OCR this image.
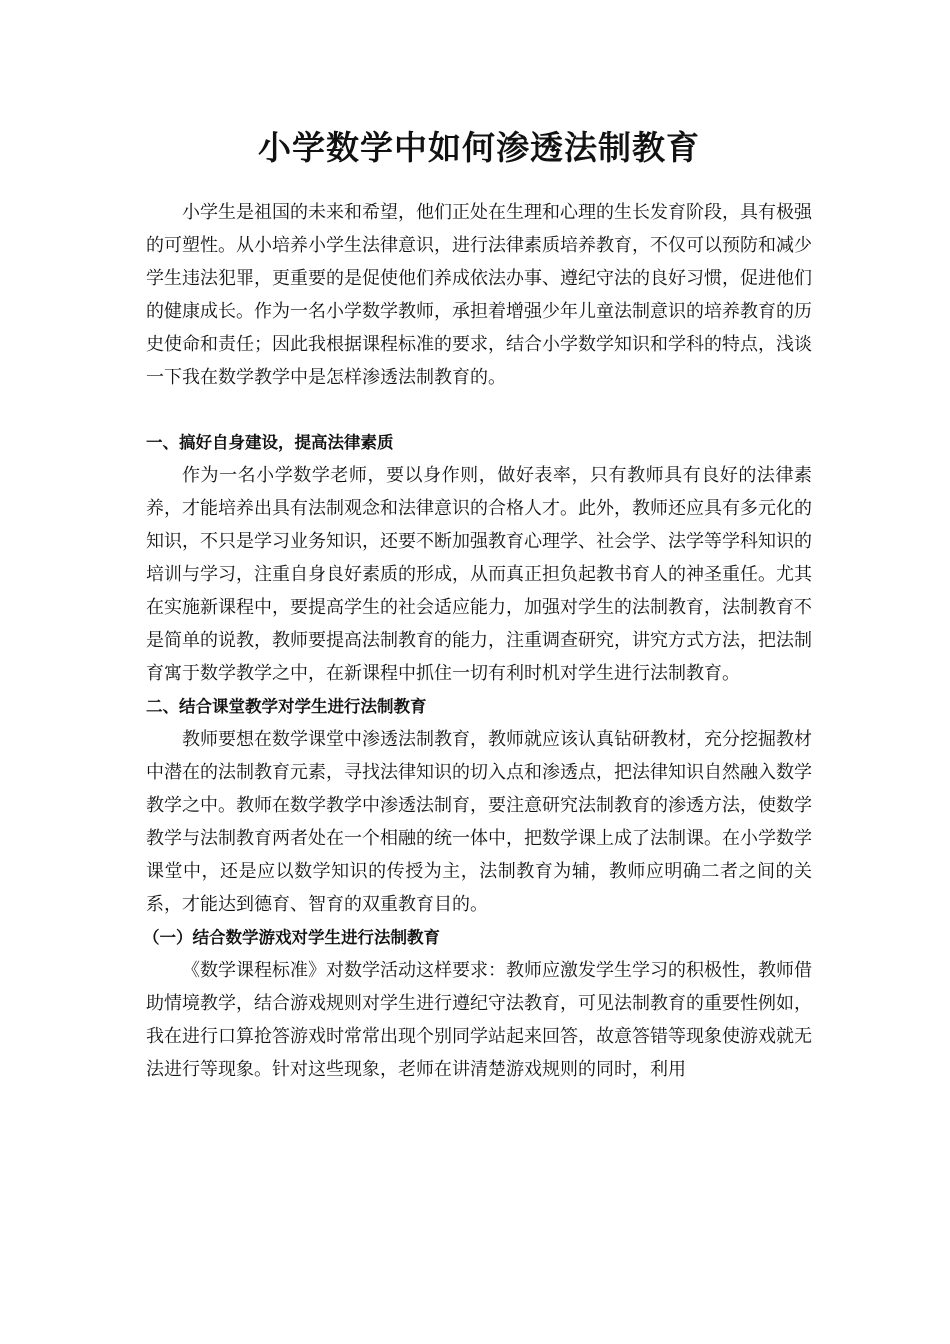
小学数学中如何渗透法制教育

小学生是祖国的未来和希望，他们正处在生理和心理的生长发育阶段，具有极强的可塑性。从小培养小学生法律意识，进行法律素质培养教育，不仅可以预防和减少学生违法犯罪，更重要的是促使他们养成依法办事、遵纪守法的良好习惯，促进他们的健康成长。作为一名小学数学教师，承担着增强少年儿童法制意识的培养教育的历史使命和责任；因此我根据课程标准的要求，结合小学数学知识和学科的特点，浅谈一下我在数学教学中是怎样渗透法制教育的。

一、搞好自身建设，提高法律素质

作为一名小学数学老师，要以身作则，做好表率，只有教师具有良好的法律素养，才能培养出具有法制观念和法律意识的合格人才。此外，教师还应具有多元化的知识，不只是学习业务知识，还要不断加强教育心理学、社会学、法学等学科知识的培训与学习，注重自身良好素质的形成，从而真正担负起教书育人的神圣重任。尤其在实施新课程中，要提高学生的社会适应能力，加强对学生的法制教育，法制教育不是简单的说教，教师要提高法制教育的能力，注重调查研究，讲究方式方法，把法制育寓于数学教学之中，在新课程中抓住一切有利时机对学生进行法制教育。

二、结合课堂教学对学生进行法制教育

教师要想在数学课堂中渗透法制教育，教师就应该认真钻研教材，充分挖掘教材中潜在的法制教育元素，寻找法律知识的切入点和渗透点，把法律知识自然融入数学教学之中。教师在数学教学中渗透法制育，要注意研究法制教育的渗透方法，使数学教学与法制教育两者处在一个相融的统一体中，把数学课上成了法制课。在小学数学课堂中，还是应以数学知识的传授为主，法制教育为辅，教师应明确二者之间的关系，才能达到德育、智育的双重教育目的。

（一）结合数学游戏对学生进行法制教育

《数学课程标准》对数学活动这样要求：教师应激发学生学习的积极性，教师借助情境教学，结合游戏规则对学生进行遵纪守法教育，可见法制教育的重要性例如，我在进行口算抢答游戏时常常出现个别同学站起来回答，故意答错等现象使游戏就无法进行等现象。针对这些现象，老师在讲清楚游戏规则的同时，利用
